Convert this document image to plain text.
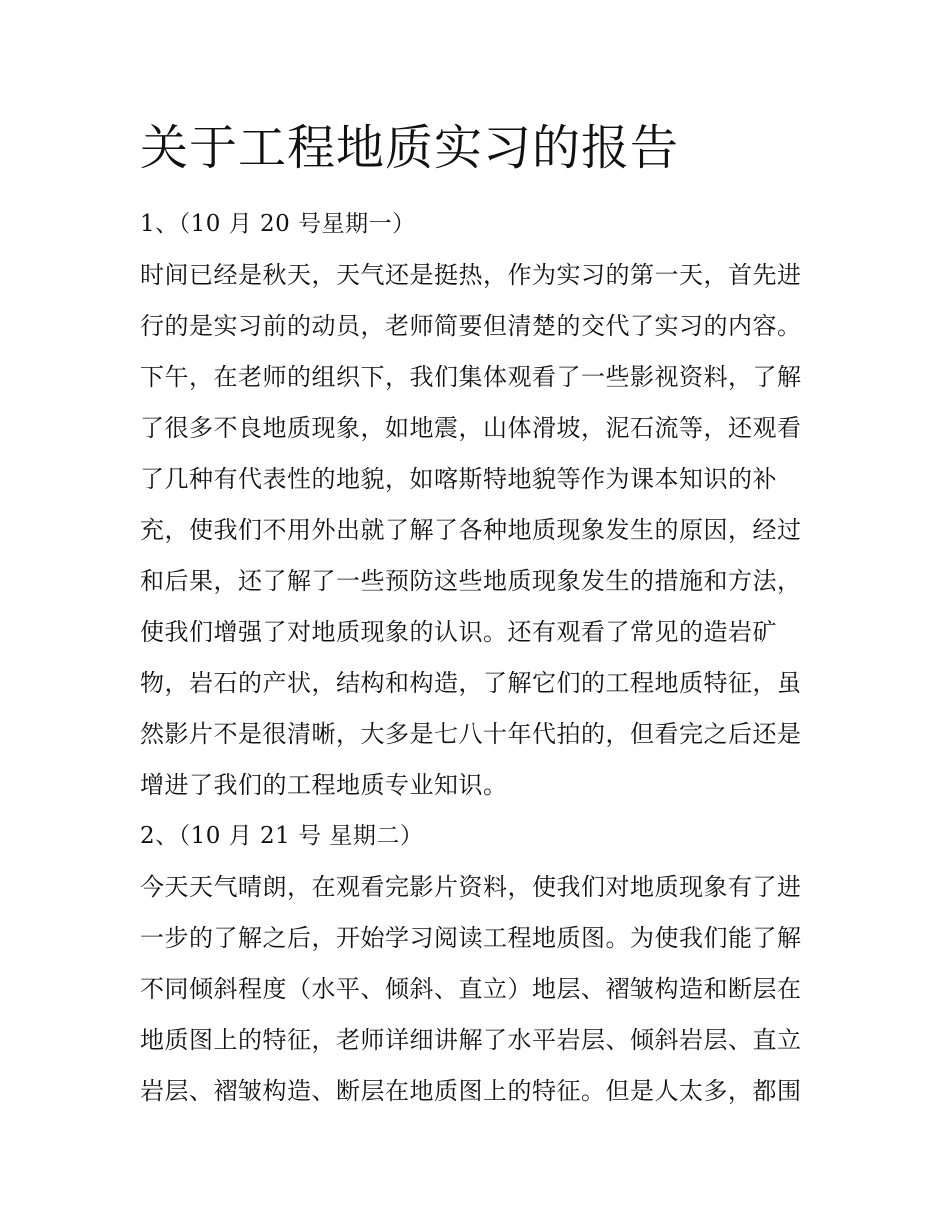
关于工程地质实习的报告
1、（10 月 20 号星期一）
时间已经是秋天，天气还是挺热，作为实习的第一天，首先进
行的是实习前的动员，老师简要但清楚的交代了实习的内容。
下午，在老师的组织下，我们集体观看了一些影视资料，了解
了很多不良地质现象，如地震，山体滑坡，泥石流等，还观看
了几种有代表性的地貌，如喀斯特地貌等作为课本知识的补
充，使我们不用外出就了解了各种地质现象发生的原因，经过
和后果，还了解了一些预防这些地质现象发生的措施和方法，
使我们增强了对地质现象的认识。还有观看了常见的造岩矿
物，岩石的产状，结构和构造，了解它们的工程地质特征，虽
然影片不是很清晰，大多是七八十年代拍的，但看完之后还是
增进了我们的工程地质专业知识。
2、（10 月 21 号 星期二）
今天天气晴朗，在观看完影片资料，使我们对地质现象有了进
一步的了解之后，开始学习阅读工程地质图。为使我们能了解
不同倾斜程度（水平、倾斜、直立）地层、褶皱构造和断层在
地质图上的特征，老师详细讲解了水平岩层、倾斜岩层、直立
岩层、褶皱构造、断层在地质图上的特征。但是人太多，都围
